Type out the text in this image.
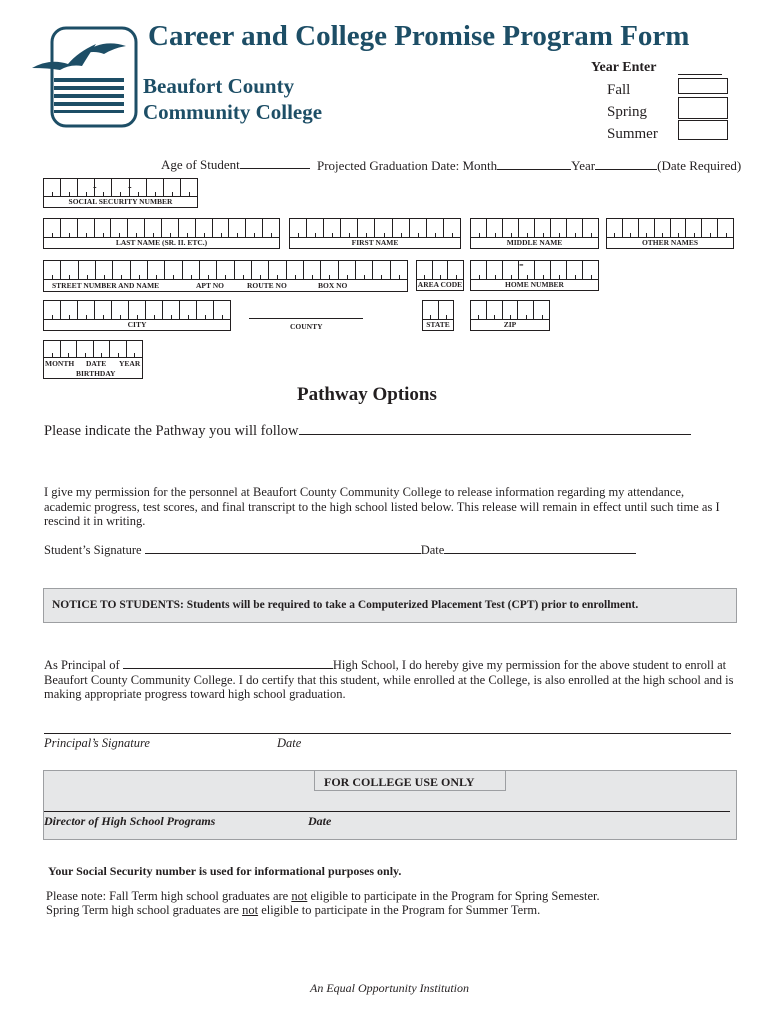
Career and College Promise Program Form
Beaufort County
Community College
Year Enter
Fall
Spring
Summer
Age of Student	Projected Graduation Date: Month	Year	(Date Required)
-	-
SOCIAL SECURITY NUMBER
LAST NAME (SR. II. ETC.)	FIRST NAME	MIDDLE NAME	OTHER NAMES
STREET NUMBER AND NAME	APT NO	ROUTE NO	BOX NO	AREA CODE
-
HOME NUMBER
CITY	COUNTY	STATE	ZIP
MONTH DATE YEAR
BIRTHDAY
Pathway Options
Please indicate the Pathway you will follow
I give my permission for the personnel at Beaufort County Community College to release information regarding my attendance, academic progress, test scores, and final transcript to the high school listed below. This release will remain in effect until such time as I rescind it in writing.
Student’s Signature	Date
NOTICE TO STUDENTS: Students will be required to take a Computerized Placement Test (CPT) prior to enrollment.
As Principal of	High School, I do hereby give my permission for the above student to enroll at Beaufort County Community College. I do certify that this student, while enrolled at the College, is also enrolled at the high school and is making appropriate progress toward high school graduation.
Principal’s Signature	Date
FOR COLLEGE USE ONLY
Director of High School Programs	Date
Your Social Security number is used for informational purposes only.
Please note: Fall Term high school graduates are not eligible to participate in the Program for Spring Semester.
Spring Term high school graduates are not eligible to participate in the Program for Summer Term.
An Equal Opportunity Institution
